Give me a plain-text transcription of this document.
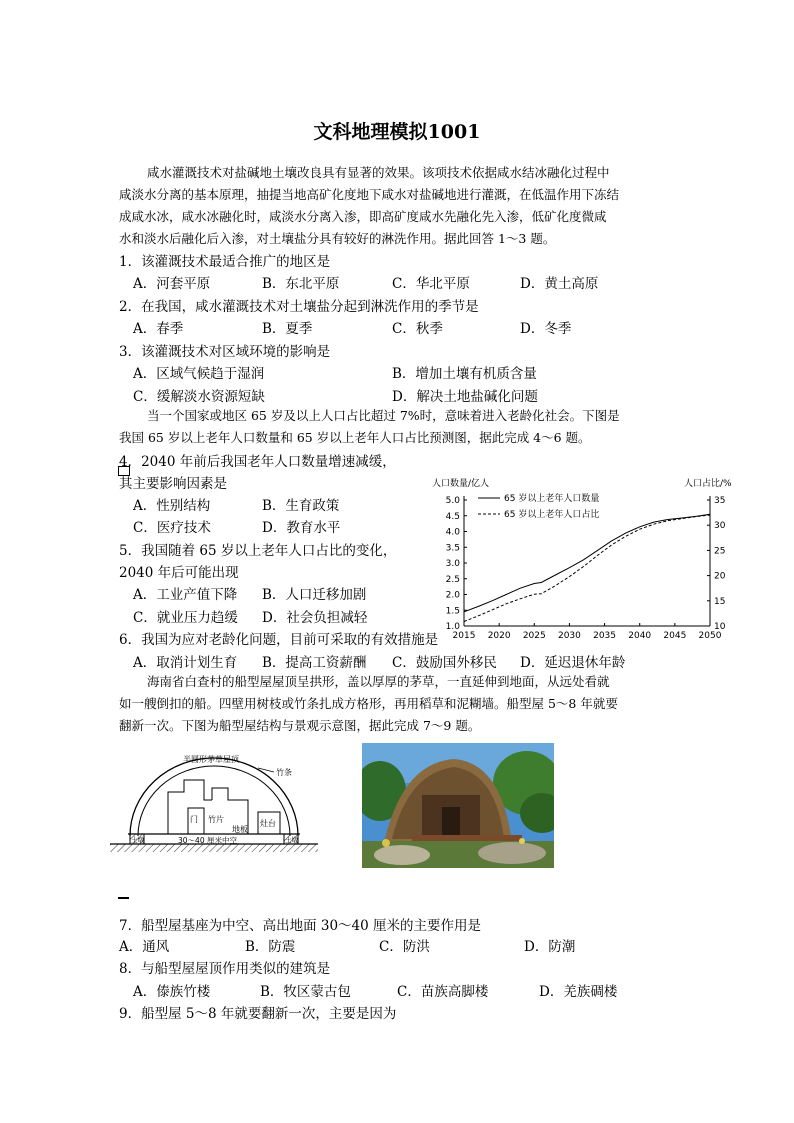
文科地理模拟1001
咸水灌溉技术对盐碱地土壤改良具有显著的效果。该项技术依据咸水结冰融化过程中
咸淡水分离的基本原理，抽提当地高矿化度地下咸水对盐碱地进行灌溉，在低温作用下冻结
成咸水冰，咸水冰融化时，咸淡水分离入渗，即高矿度咸水先融化先入渗，低矿化度微咸
水和淡水后融化后入渗，对土壤盐分具有较好的淋洗作用。据此回答 1～3 题。
1．该灌溉技术最适合推广的地区是
A．河套平原	B．东北平原	C．华北平原	D．黄土高原
2．在我国，咸水灌溉技术对土壤盐分起到淋洗作用的季节是
A．春季	B．夏季	C．秋季	D．冬季
3．该灌溉技术对区域环境的影响是
A．区域气候趋于湿润	B．增加土壤有机质含量
C．缓解淡水资源短缺	D．解决土地盐碱化问题
当一个国家或地区 65 岁及以上人口占比超过 7%时，意味着进入老龄化社会。下图是
我国 65 岁以上老年人口数量和 65 岁以上老年人口占比预测图，据此完成 4～6 题。
4．2040 年前后我国老年人口数量增速减缓，
其主要影响因素是
A．性别结构	B．生育政策
C．医疗技术	D．教育水平
5．我国随着 65 岁以上老年人口占比的变化，
2040 年后可能出现
A．工业产值下降 B．人口迁移加剧
C．就业压力趋缓 D．社会负担减轻
人口数量/亿人	人口占比/%
2015 2020 2025 2030 2035 2040 2045 2050
1.0
1.5
2.0
2.5
3.0
3.5
4.0
4.5
5.0
10
15
20
25
30
35
65 岁以上老年人口数量
65 岁以上老年人口占比
6．我国为应对老龄化问题，目前可采取的有效措施是
A．取消计划生育 B．提高工资薪酬 C．鼓励国外移民 D．延迟退休年龄
海南省白查村的船型屋屋顶呈拱形，盖以厚厚的茅草，一直延伸到地面，从远处看就
如一艘倒扣的船。四壁用树枝或竹条扎成方格形，再用稻草和泥糊墙。船型屋 5～8 年就要
翻新一次。下图为船型屋结构与景观示意图，据此完成 7～9 题。
半圆形茅草屋顶
竹条
门 竹片	灶台
地板
土墩	土墩
30～40 厘米中空
7．船型屋基座为中空、高出地面 30～40 厘米的主要作用是
A．通风	B．防震	C．防洪	D．防潮
8．与船型屋屋顶作用类似的建筑是
A．傣族竹楼	B．牧区蒙古包	C．苗族高脚楼	D．羌族碉楼
9．船型屋 5～8 年就要翻新一次，主要是因为
